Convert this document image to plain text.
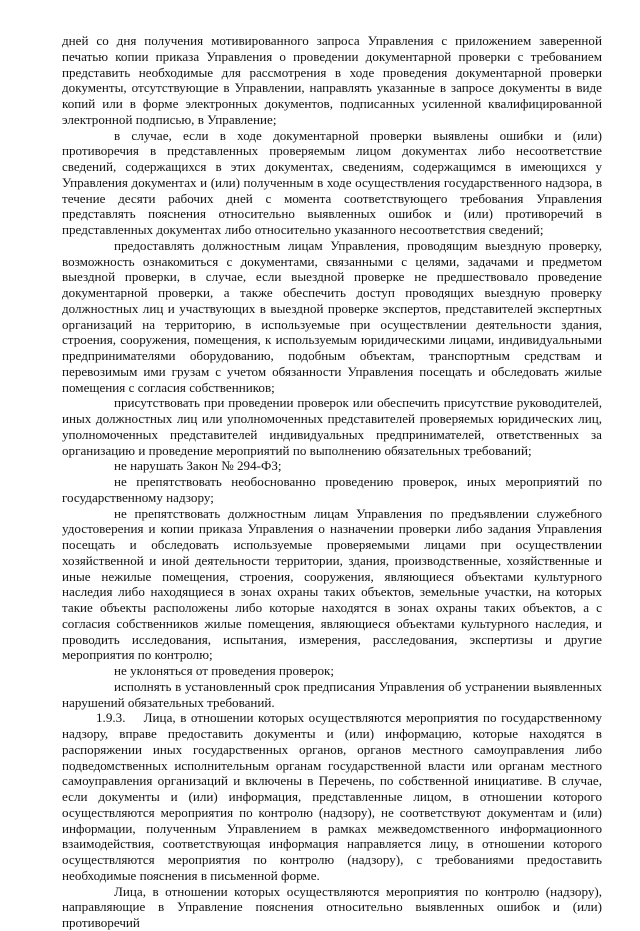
дней со дня получения мотивированного запроса Управления с приложением заверенной печатью копии приказа Управления о проведении документарной проверки с требованием представить необходимые для рассмотрения в ходе проведения документарной проверки документы, отсутствующие в Управлении, направлять указанные в запросе документы в виде копий или в форме электронных документов, подписанных усиленной квалифицированной электронной подписью, в Управление;

в случае, если в ходе документарной проверки выявлены ошибки и (или) противоречия в представленных проверяемым лицом документах либо несоответствие сведений, содержащихся в этих документах, сведениям, содержащимся в имеющихся у Управления документах и (или) полученным в ходе осуществления государственного надзора, в течение десяти рабочих дней с момента соответствующего требования Управления представлять пояснения относительно выявленных ошибок и (или) противоречий в представленных документах либо относительно указанного несоответствия сведений;

предоставлять должностным лицам Управления, проводящим выездную проверку, возможность ознакомиться с документами, связанными с целями, задачами и предметом выездной проверки, в случае, если выездной проверке не предшествовало проведение документарной проверки, а также обеспечить доступ проводящих выездную проверку должностных лиц и участвующих в выездной проверке экспертов, представителей экспертных организаций на территорию, в используемые при осуществлении деятельности здания, строения, сооружения, помещения, к используемым юридическими лицами, индивидуальными предпринимателями оборудованию, подобным объектам, транспортным средствам и перевозимым ими грузам с учетом обязанности Управления посещать и обследовать жилые помещения с согласия собственников;

присутствовать при проведении проверок или обеспечить присутствие руководителей, иных должностных лиц или уполномоченных представителей проверяемых юридических лиц, уполномоченных представителей индивидуальных предпринимателей, ответственных за организацию и проведение мероприятий по выполнению обязательных требований;

не нарушать Закон № 294-ФЗ;

не препятствовать необоснованно проведению проверок, иных мероприятий по государственному надзору;

не препятствовать должностным лицам Управления по предъявлении служебного удостоверения и копии приказа Управления о назначении проверки либо задания Управления посещать и обследовать используемые проверяемыми лицами при осуществлении хозяйственной и иной деятельности территории, здания, производственные, хозяйственные и иные нежилые помещения, строения, сооружения, являющиеся объектами культурного наследия либо находящиеся в зонах охраны таких объектов, земельные участки, на которых такие объекты расположены либо которые находятся в зонах охраны таких объектов, а с согласия собственников жилые помещения, являющиеся объектами культурного наследия, и проводить исследования, испытания, измерения, расследования, экспертизы и другие мероприятия по контролю;

не уклоняться от проведения проверок;

исполнять в установленный срок предписания Управления об устранении выявленных нарушений обязательных требований.

1.9.3.    Лица, в отношении которых осуществляются мероприятия по государственному надзору, вправе предоставить документы и (или) информацию, которые находятся в распоряжении иных государственных органов, органов местного самоуправления либо подведомственных исполнительным органам государственной власти или органам местного самоуправления организаций и включены в Перечень, по собственной инициативе. В случае, если документы и (или) информация, представленные лицом, в отношении которого осуществляются мероприятия по контролю (надзору), не соответствуют документам и (или) информации, полученным Управлением в рамках межведомственного информационного взаимодействия, соответствующая информация направляется лицу, в отношении которого осуществляются мероприятия по контролю (надзору), с требованиями предоставить необходимые пояснения в письменной форме.

Лица, в отношении которых осуществляются мероприятия по контролю (надзору), направляющие в Управление пояснения относительно выявленных ошибок и (или) противоречий
